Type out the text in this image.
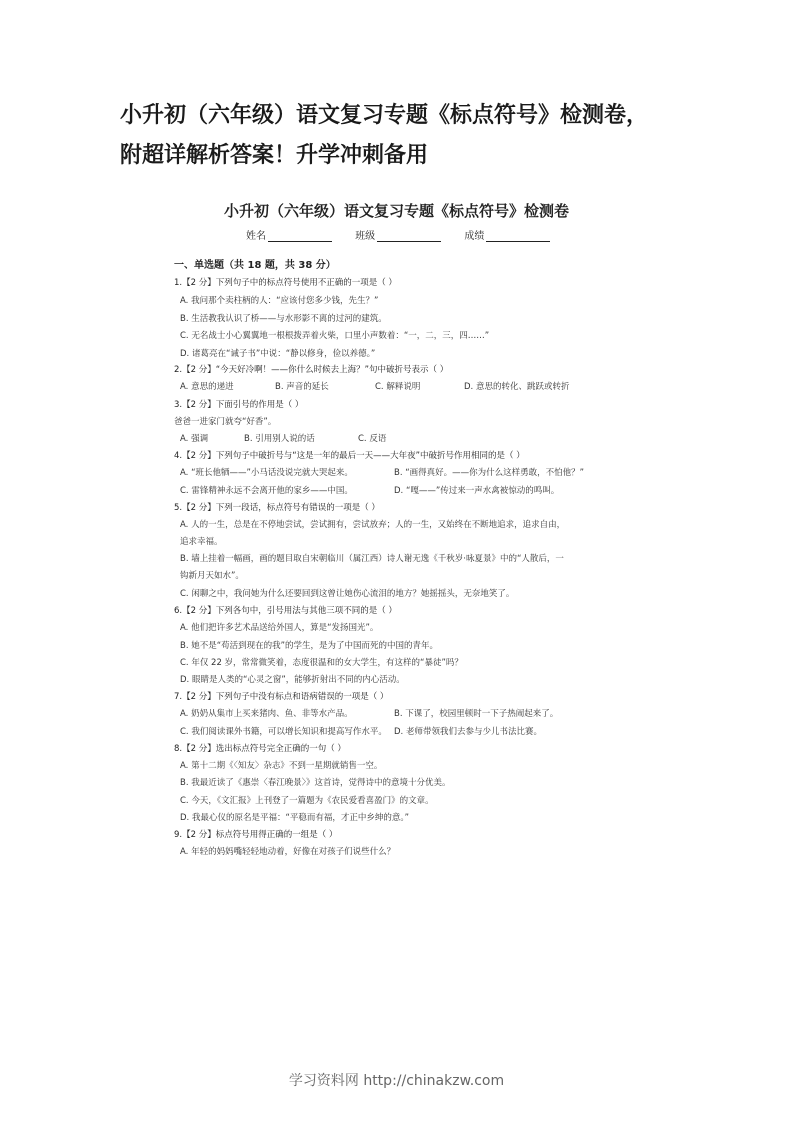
小升初（六年级）语文复习专题《标点符号》检测卷，
附超详解析答案！升学冲刺备用
小升初（六年级）语文复习专题《标点符号》检测卷
姓名	班级	成绩
一、单选题（共 18 题，共 38 分）
1.【2 分】下列句子中的标点符号使用不正确的一项是（ ）
A. 我问那个卖柱柄的人：“应该付您多少钱，先生？”
B. 生活教我认识了桥——与水形影不离的过河的建筑。
C. 无名战士小心翼翼地一根根拨弄着火柴，口里小声数着：“一，二，三，四……”
D. 诸葛亮在“诫子书”中说：“静以修身，俭以养德。”
2.【2 分】“今天好冷啊！——你什么时候去上海？”句中破折号表示（ ）
A. 意思的递进	B. 声音的延长	C. 解释说明	D. 意思的转化、跳跃或转折
3.【2 分】下面引号的作用是（ ）
爸爸一进家门就夸“好香”。
A. 强调	B. 引用别人说的话	C. 反语
4.【2 分】下列句子中破折号与“这是一年的最后一天——大年夜”中破折号作用相同的是（ ）
A. “班长他牺——”小马话没说完就大哭起来。	B. “画得真好。——你为什么这样勇敢，不怕他？”
C. 雷锋精神永远不会离开他的家乡——中国。	D. “嘎——”传过来一声水禽被惊动的鸣叫。
5.【2 分】下列一段话，标点符号有错误的一项是（ ）
A. 人的一生，总是在不停地尝试，尝试拥有，尝试放弃；人的一生，又始终在不断地追求，追求自由，
追求幸福。
B. 墙上挂着一幅画，画的题目取自宋朝临川（属江西）诗人谢无逸《千秋岁·咏夏景》中的“人散后，一
钩新月天如水”。
C. 闲聊之中，我问她为什么还要回到这曾让她伤心流泪的地方？她摇摇头，无奈地笑了。
6.【2 分】下列各句中，引号用法与其他三项不同的是（ ）
A. 他们把许多艺术品送给外国人，算是“发扬国光”。
B. 她不是“苟活到现在的我”的学生，是为了中国而死的中国的青年。
C. 年仅 22 岁，常常微笑着，态度很温和的女大学生，有这样的“暴徒”吗？
D. 眼睛是人类的“心灵之窗”，能够折射出不同的内心活动。
7.【2 分】下列句子中没有标点和语病错误的一项是（ ）
A. 奶奶从集市上买来猪肉、鱼、非等水产品。	B. 下课了，校园里顿时一下子热闹起来了。
C. 我们阅读课外书籍，可以增长知识和提高写作水平。 D. 老师带领我们去参与少儿书法比赛。
8.【2 分】选出标点符号完全正确的一句（ ）
A. 第十二期《〈知友〉杂志》不到一星期就销售一空。
B. 我最近读了《惠崇〈春江晚景〉》这首诗，觉得诗中的意境十分优美。
C. 今天，《文汇报》上刊登了一篇题为《农民爱看喜盈门》的文章。
D. 我最心仪的原名是平福：“平稳而有福，才正中乡绅的意。”
9.【2 分】标点符号用得正确的一组是（ ）
A. 年轻的妈妈嘴轻轻地动着，好像在对孩子们说些什么？
学习资料网 http://chinakzw.com
